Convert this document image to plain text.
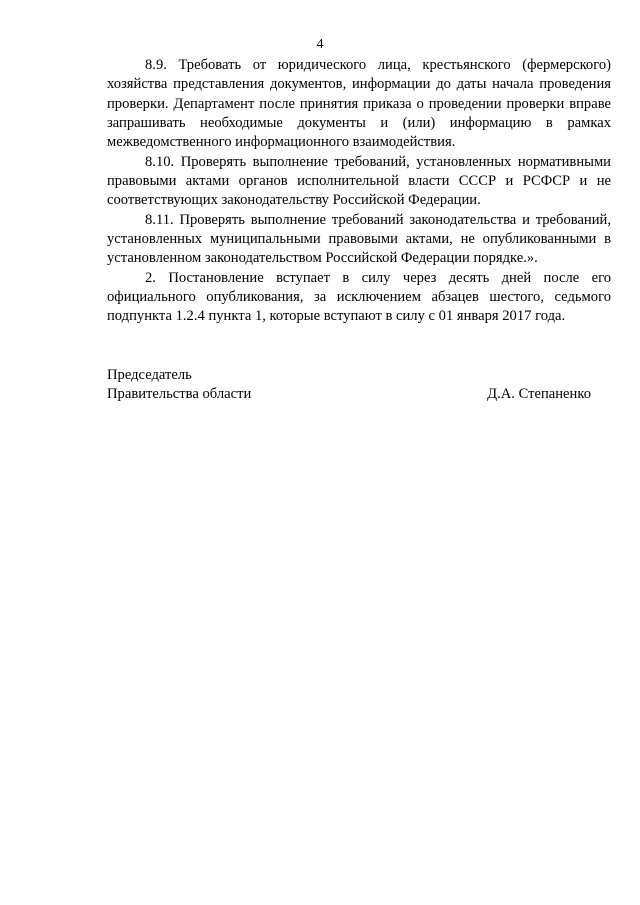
4

8.9. Требовать от юридического лица, крестьянского (фермерского) хозяйства представления документов, информации до даты начала проведения проверки. Департамент после принятия приказа о проведении проверки вправе запрашивать необходимые документы и (или) информацию в рамках межведомственного информационного взаимодействия.

8.10. Проверять выполнение требований, установленных нормативными правовыми актами органов исполнительной власти СССР и РСФСР и не соответствующих законодательству Российской Федерации.

8.11. Проверять выполнение требований законодательства и требований, установленных муниципальными правовыми актами, не опубликованными в установленном законодательством Российской Федерации порядке.».

2. Постановление вступает в силу через десять дней после его официального опубликования, за исключением абзацев шестого, седьмого подпункта 1.2.4 пункта 1, которые вступают в силу с 01 января 2017 года.

Председатель
Правительства области	Д.А. Степаненко
